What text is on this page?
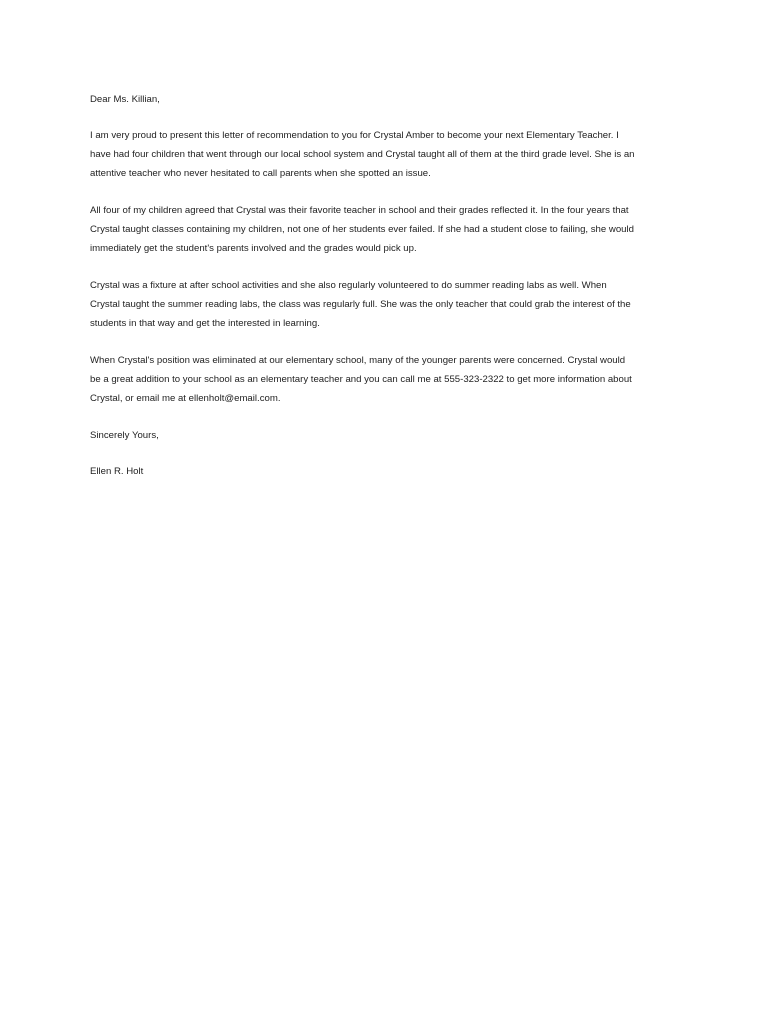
Dear Ms. Killian,

I am very proud to present this letter of recommendation to you for Crystal Amber to become your next Elementary Teacher. I have had four children that went through our local school system and Crystal taught all of them at the third grade level. She is an attentive teacher who never hesitated to call parents when she spotted an issue.

All four of my children agreed that Crystal was their favorite teacher in school and their grades reflected it. In the four years that Crystal taught classes containing my children, not one of her students ever failed. If she had a student close to failing, she would immediately get the student's parents involved and the grades would pick up.

Crystal was a fixture at after school activities and she also regularly volunteered to do summer reading labs as well. When Crystal taught the summer reading labs, the class was regularly full. She was the only teacher that could grab the interest of the students in that way and get the interested in learning.

When Crystal's position was eliminated at our elementary school, many of the younger parents were concerned. Crystal would be a great addition to your school as an elementary teacher and you can call me at 555-323-2322 to get more information about Crystal, or email me at ellenholt@email.com.

Sincerely Yours,

Ellen R. Holt
